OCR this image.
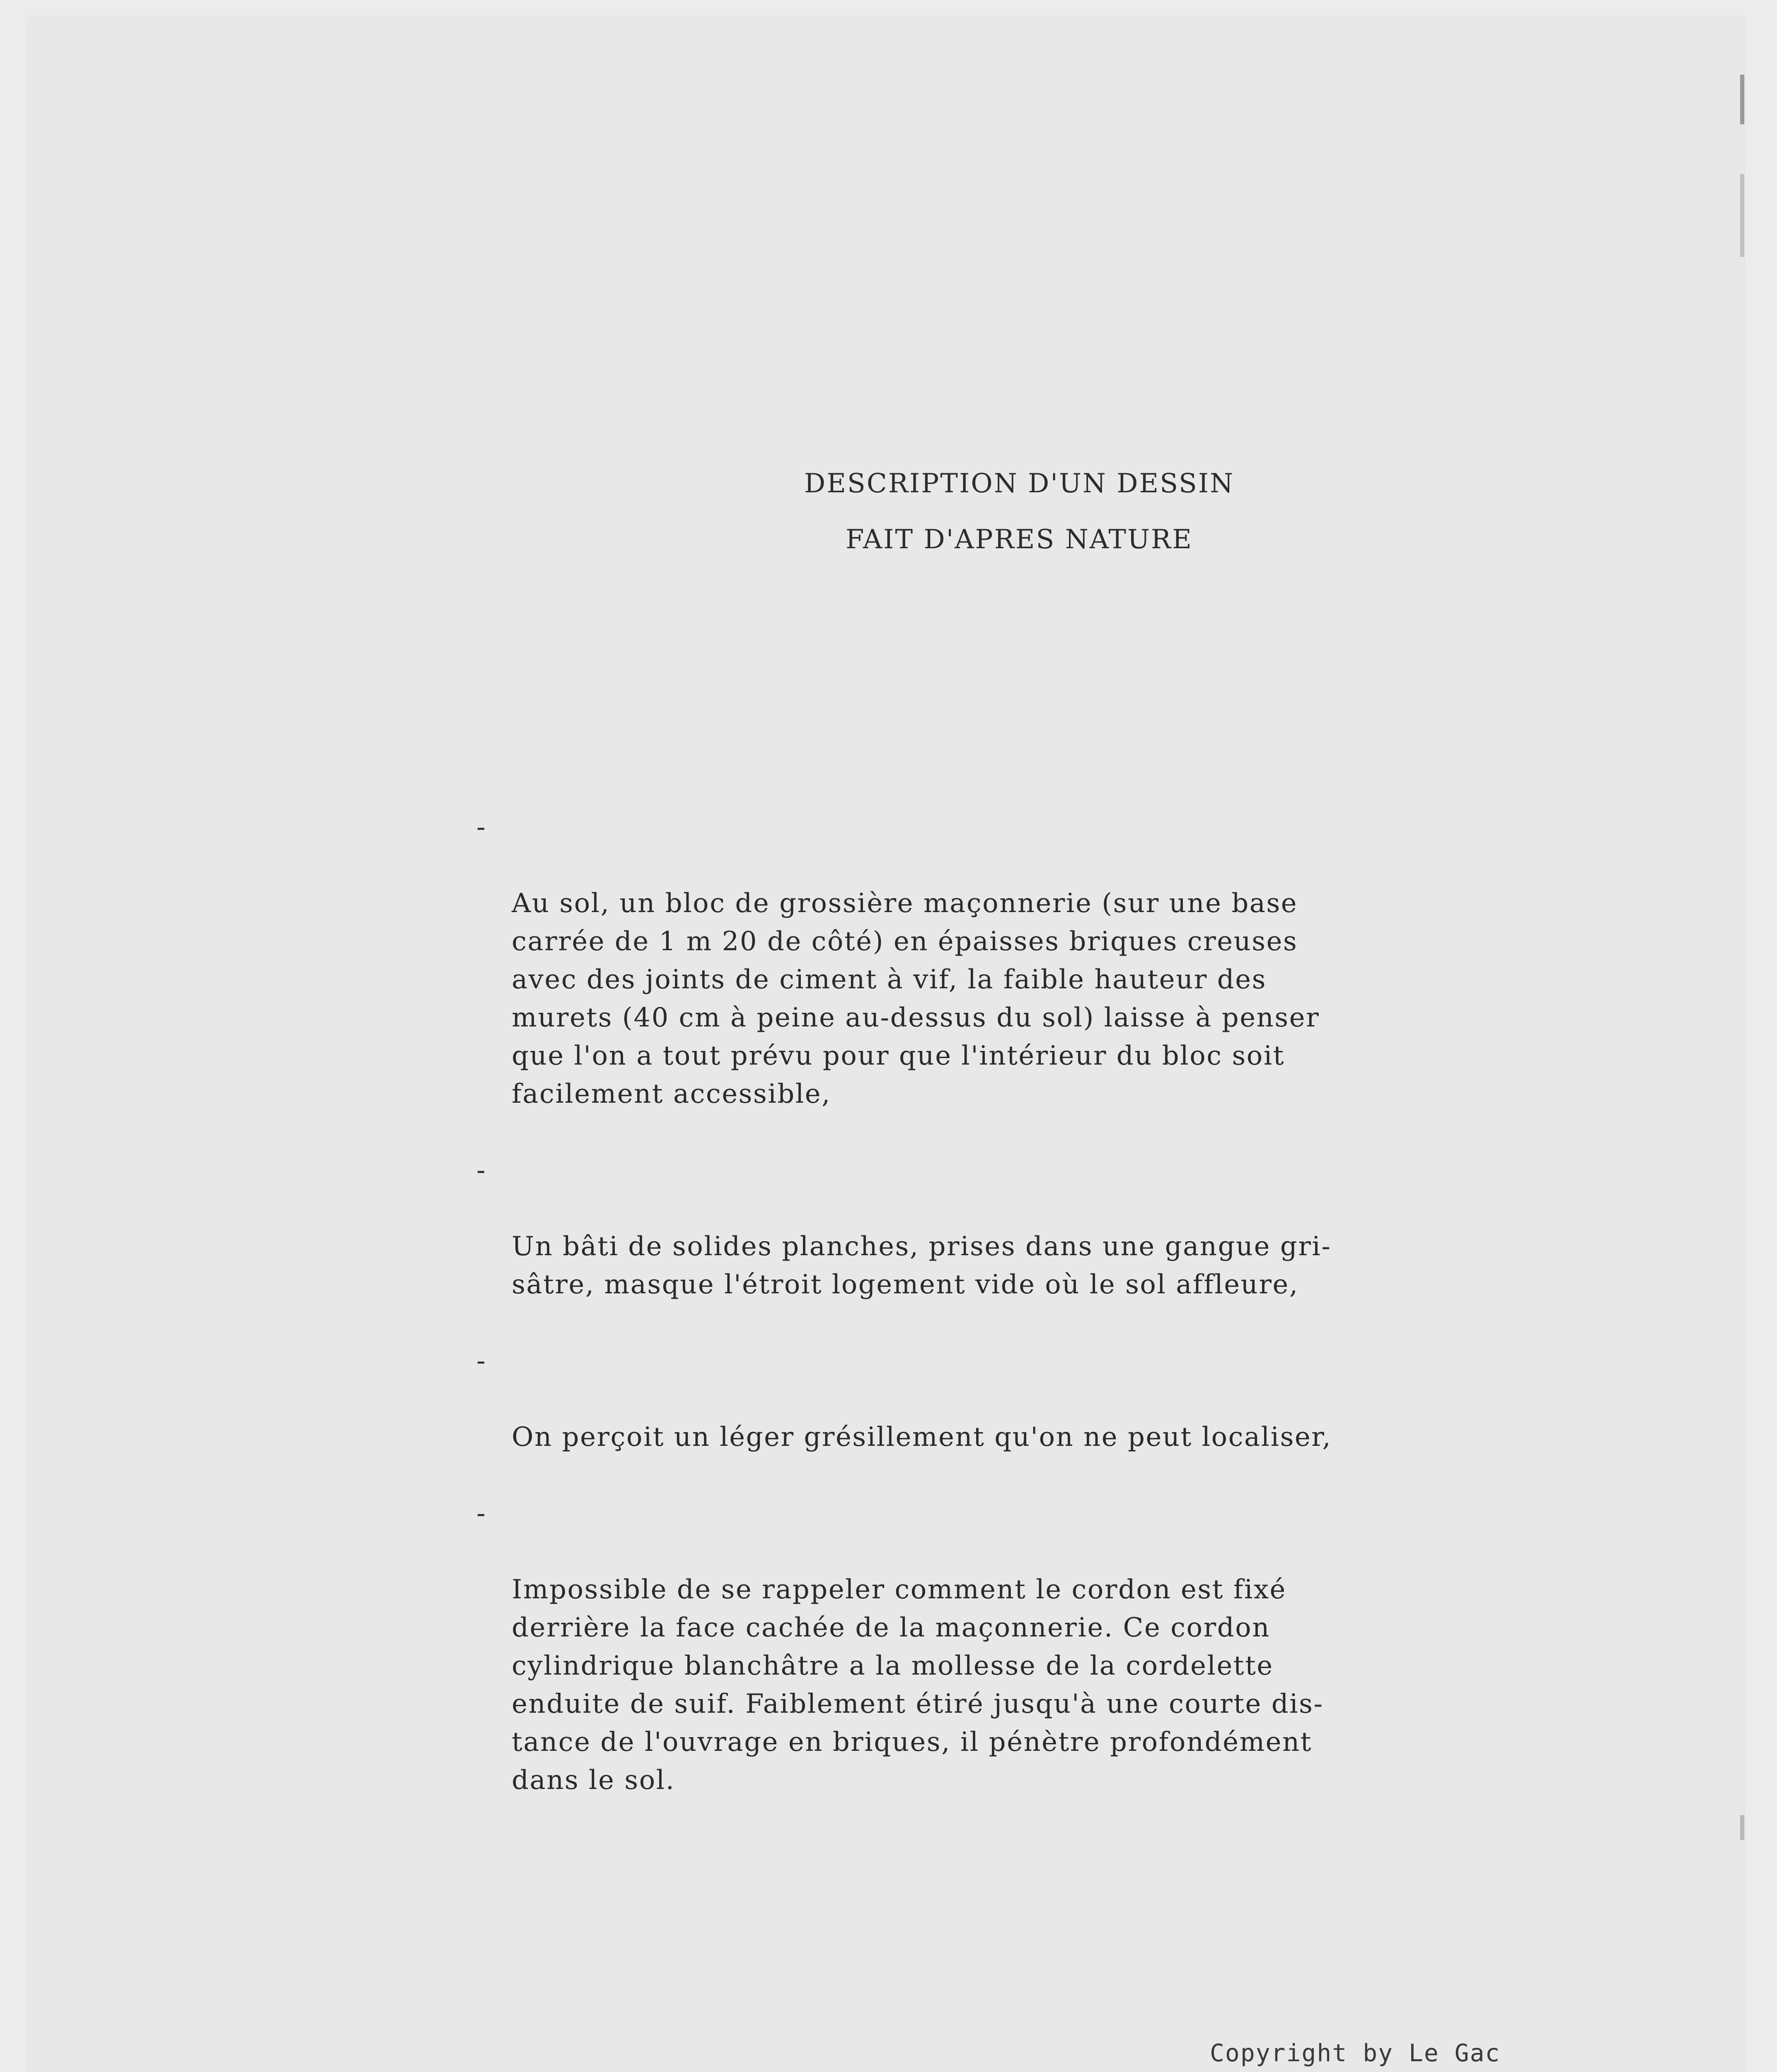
DESCRIPTION D'UN DESSIN
FAIT D'APRES NATURE

-

Au sol, un bloc de grossière maçonnerie (sur une base
carrée de 1 m 20 de côté) en épaisses briques creuses
avec des joints de ciment à vif, la faible hauteur des
murets (40 cm à peine au-dessus du sol) laisse à penser
que l'on a tout prévu pour que l'intérieur du bloc soit
facilement accessible,

-

Un bâti de solides planches, prises dans une gangue gri-
sâtre, masque l'étroit logement vide où le sol affleure,

-

On perçoit un léger grésillement qu'on ne peut localiser,

-

Impossible de se rappeler comment le cordon est fixé
derrière la face cachée de la maçonnerie. Ce cordon
cylindrique blanchâtre a la mollesse de la cordelette
enduite de suif. Faiblement étiré jusqu'à une courte dis-
tance de l'ouvrage en briques, il pénètre profondément
dans le sol.

Copyright by Le Gac
